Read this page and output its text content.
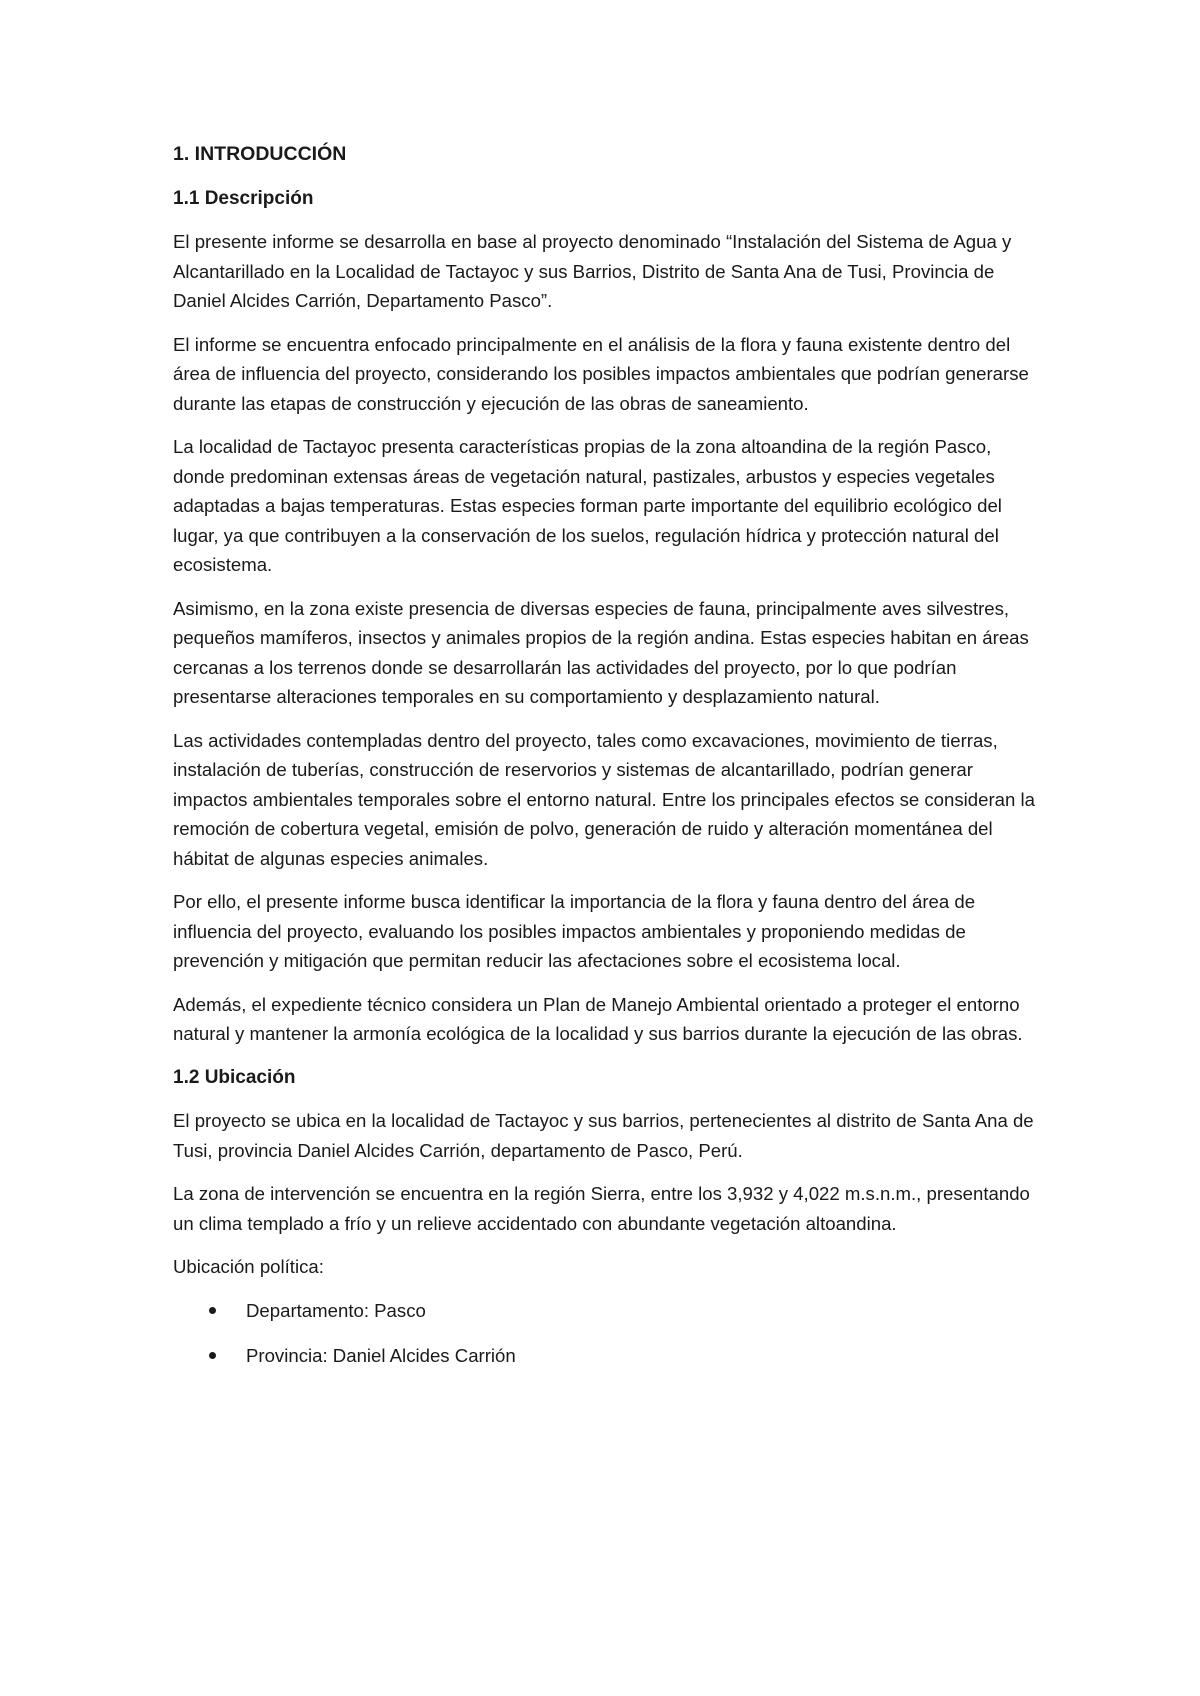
1. INTRODUCCIÓN
1.1 Descripción

El presente informe se desarrolla en base al proyecto denominado “Instalación del Sistema de Agua y Alcantarillado en la Localidad de Tactayoc y sus Barrios, Distrito de Santa Ana de Tusi, Provincia de Daniel Alcides Carrión, Departamento Pasco”.

El informe se encuentra enfocado principalmente en el análisis de la flora y fauna existente dentro del área de influencia del proyecto, considerando los posibles impactos ambientales que podrían generarse durante las etapas de construcción y ejecución de las obras de saneamiento.

La localidad de Tactayoc presenta características propias de la zona altoandina de la región Pasco, donde predominan extensas áreas de vegetación natural, pastizales, arbustos y especies vegetales adaptadas a bajas temperaturas. Estas especies forman parte importante del equilibrio ecológico del lugar, ya que contribuyen a la conservación de los suelos, regulación hídrica y protección natural del ecosistema.

Asimismo, en la zona existe presencia de diversas especies de fauna, principalmente aves silvestres, pequeños mamíferos, insectos y animales propios de la región andina. Estas especies habitan en áreas cercanas a los terrenos donde se desarrollarán las actividades del proyecto, por lo que podrían presentarse alteraciones temporales en su comportamiento y desplazamiento natural.

Las actividades contempladas dentro del proyecto, tales como excavaciones, movimiento de tierras, instalación de tuberías, construcción de reservorios y sistemas de alcantarillado, podrían generar impactos ambientales temporales sobre el entorno natural. Entre los principales efectos se consideran la remoción de cobertura vegetal, emisión de polvo, generación de ruido y alteración momentánea del hábitat de algunas especies animales.

Por ello, el presente informe busca identificar la importancia de la flora y fauna dentro del área de influencia del proyecto, evaluando los posibles impactos ambientales y proponiendo medidas de prevención y mitigación que permitan reducir las afectaciones sobre el ecosistema local.

Además, el expediente técnico considera un Plan de Manejo Ambiental orientado a proteger el entorno natural y mantener la armonía ecológica de la localidad y sus barrios durante la ejecución de las obras.

1.2 Ubicación

El proyecto se ubica en la localidad de Tactayoc y sus barrios, pertenecientes al distrito de Santa Ana de Tusi, provincia Daniel Alcides Carrión, departamento de Pasco, Perú.

La zona de intervención se encuentra en la región Sierra, entre los 3,932 y 4,022 m.s.n.m., presentando un clima templado a frío y un relieve accidentado con abundante vegetación altoandina.

Ubicación política:

Departamento: Pasco
Provincia: Daniel Alcides Carrión
